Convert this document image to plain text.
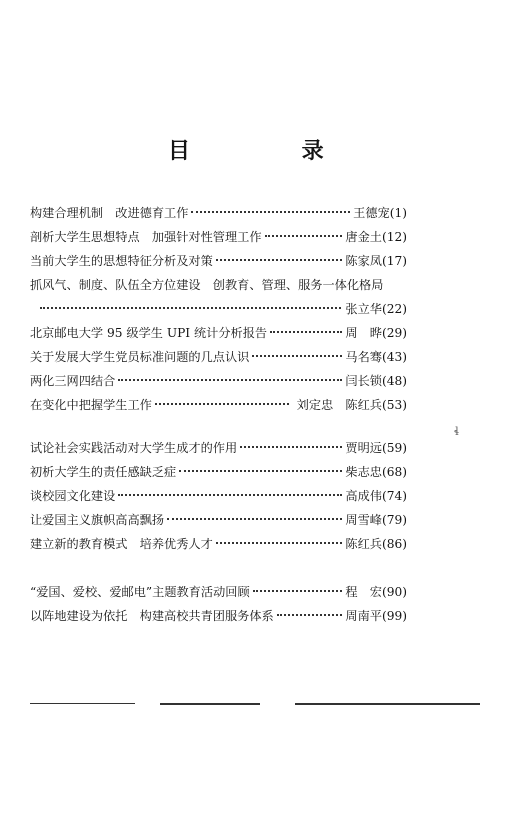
目 录
构建合理机制　改进德育工作	王德宠 (1)
剖析大学生思想特点　加强针对性管理工作	唐金土 (12)
当前大学生的思想特征分析及对策	陈家凤 (17)
抓风气、制度、队伍全方位建设　创教育、管理、服务一体化格局
张立华 (22)
北京邮电大学 95 级学生 UPI 统计分析报告	周　晔 (29)
关于发展大学生党员标准问题的几点认识	马名骞 (43)
两化三网四结合	闫长锁 (48)
在变化中把握学生工作	刘定忠　陈红兵 (53)
ɬ
试论社会实践活动对大学生成才的作用	贾明远 (59)
初析大学生的责任感缺乏症	柴志忠 (68)
谈校园文化建设	高成伟 (74)
让爱国主义旗帜高高飘扬	周雪峰 (79)
建立新的教育模式　培养优秀人才	陈红兵 (86)
“爱国、爱校、爱邮电”主题教育活动回顾	程　宏 (90)
以阵地建设为依托　构建高校共青团服务体系	周南平 (99)
